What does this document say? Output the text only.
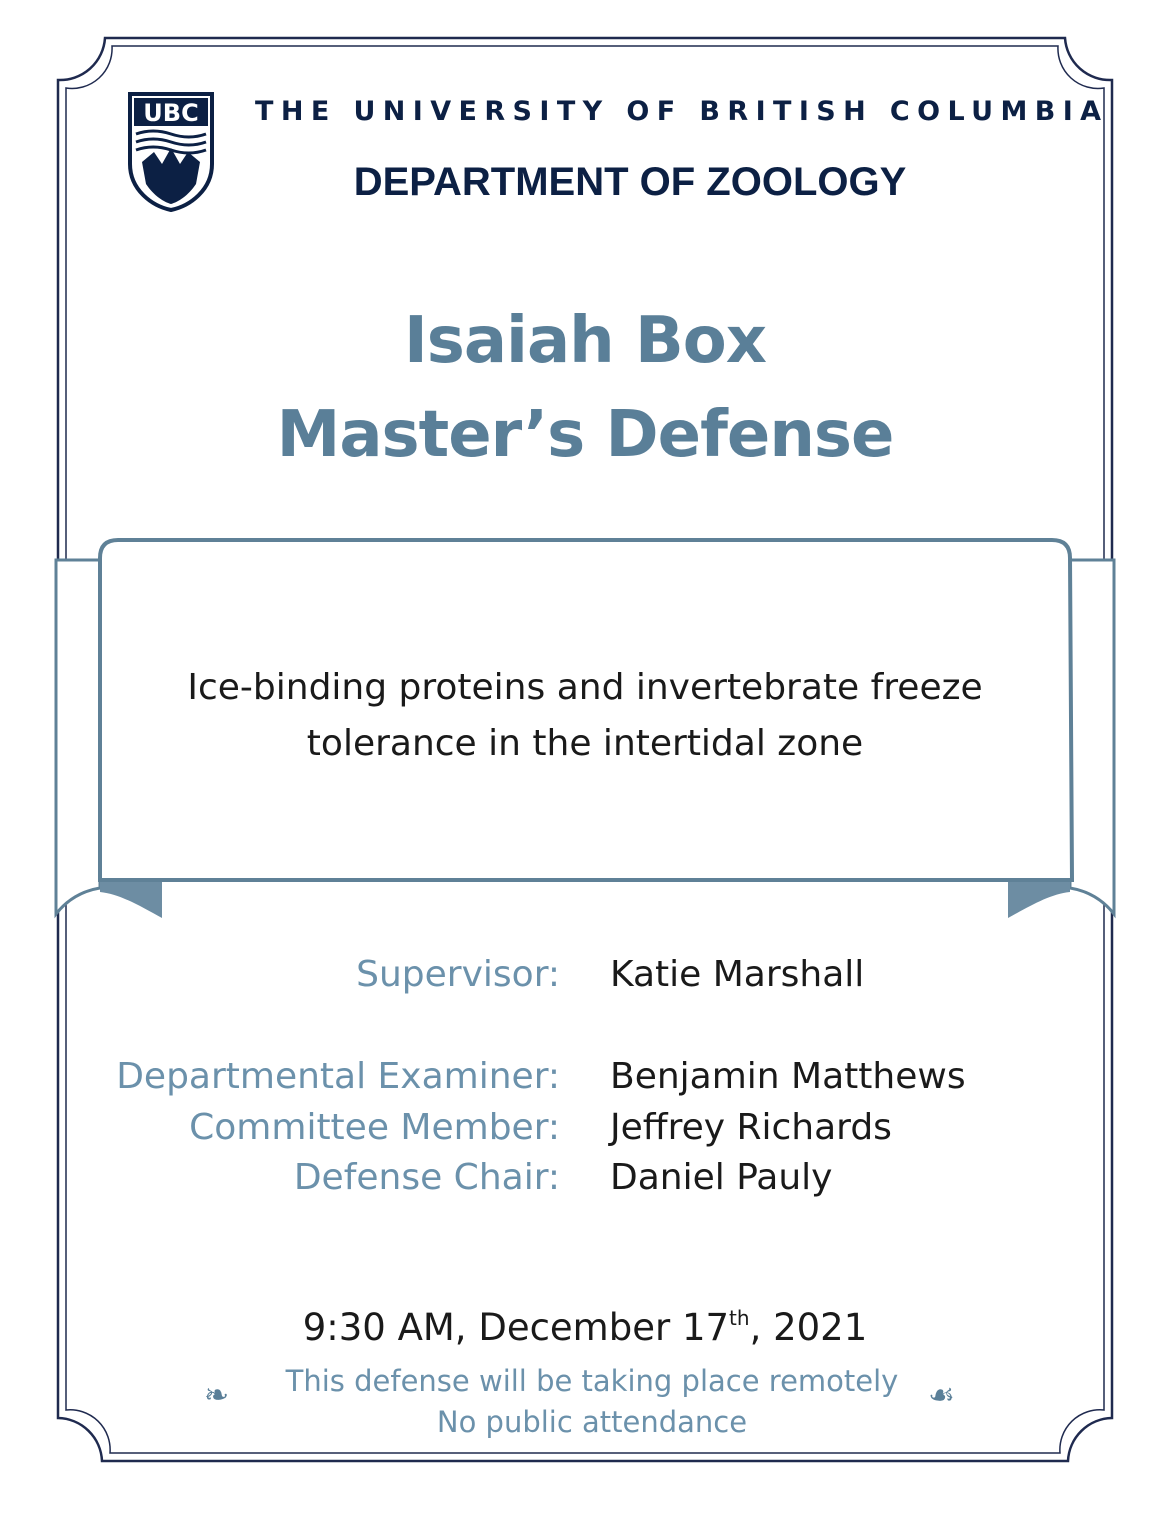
UBC THE UNIVERSITY OF BRITISH COLUMBIA
DEPARTMENT OF ZOOLOGY
Isaiah Box
Master’s Defense
Ice-binding proteins and invertebrate freeze
tolerance in the intertidal zone
Supervisor: Katie Marshall
Departmental Examiner: Benjamin Matthews
Committee Member: Jeffrey Richards
Defense Chair: Daniel Pauly
9:30 AM, December 17th, 2021
This defense will be taking place remotely
No public attendance
❧	☙
